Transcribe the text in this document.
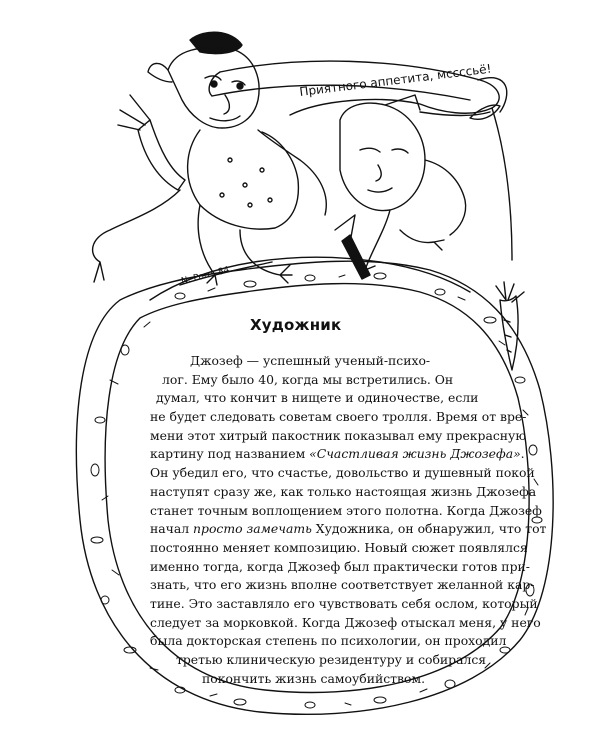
Приятного аппетита, мссссьё!
N. Porrs 84
Художник
Джозеф — успешный ученый-психо-
лог. Ему было 40, когда мы встретились. Он
думал, что кончит в нищете и одиночестве, если
не будет следовать советам своего тролля. Время от вре-
мени этот хитрый пакостник показывал ему прекрасную
картину под названием «Счастливая жизнь Джозефа».
Он убедил его, что счастье, довольство и душевный покой
наступят сразу же, как только настоящая жизнь Джозефа
станет точным воплощением этого полотна. Когда Джозеф
начал просто замечать Художника, он обнаружил, что тот
постоянно меняет композицию. Новый сюжет появлялся
именно тогда, когда Джозеф был практически готов при-
знать, что его жизнь вполне соответствует желанной кар-
тине. Это заставляло его чувствовать себя ослом, который
следует за морковкой. Когда Джозеф отыскал меня, у него
была докторская степень по психологии, он проходил
третью клиническую резидентуру и собирался
покончить жизнь самоубийством.
